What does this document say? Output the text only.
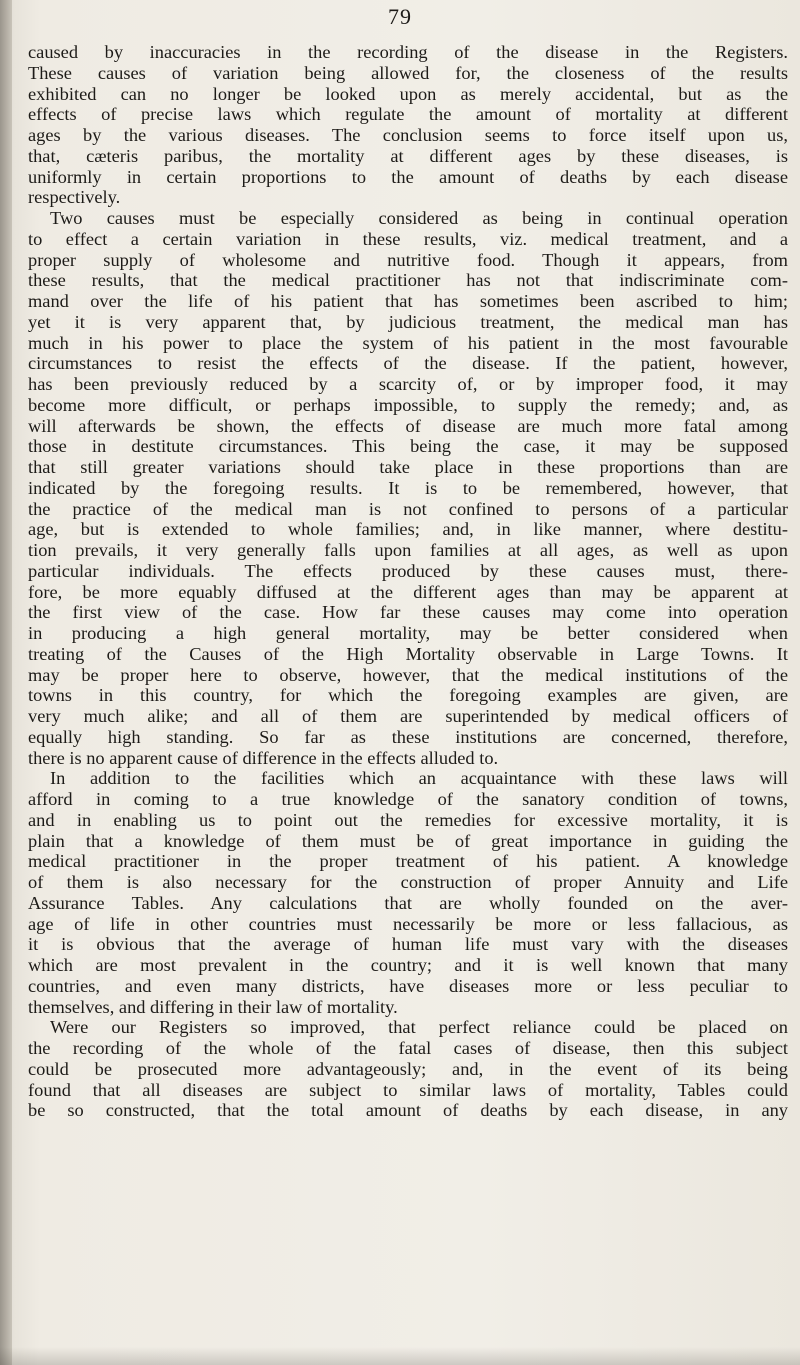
79
caused by inaccuracies in the recording of the disease in the Registers.
These causes of variation being allowed for, the closeness of the results
exhibited can no longer be looked upon as merely accidental, but as the
effects of precise laws which regulate the amount of mortality at different
ages by the various diseases. The conclusion seems to force itself upon us,
that, cæteris paribus, the mortality at different ages by these diseases, is
uniformly in certain proportions to the amount of deaths by each disease
respectively.
Two causes must be especially considered as being in continual operation
to effect a certain variation in these results, viz. medical treatment, and a
proper supply of wholesome and nutritive food. Though it appears, from
these results, that the medical practitioner has not that indiscriminate com-
mand over the life of his patient that has sometimes been ascribed to him;
yet it is very apparent that, by judicious treatment, the medical man has
much in his power to place the system of his patient in the most favourable
circumstances to resist the effects of the disease. If the patient, however,
has been previously reduced by a scarcity of, or by improper food, it may
become more difficult, or perhaps impossible, to supply the remedy; and, as
will afterwards be shown, the effects of disease are much more fatal among
those in destitute circumstances. This being the case, it may be supposed
that still greater variations should take place in these proportions than are
indicated by the foregoing results. It is to be remembered, however, that
the practice of the medical man is not confined to persons of a particular
age, but is extended to whole families; and, in like manner, where destitu-
tion prevails, it very generally falls upon families at all ages, as well as upon
particular individuals. The effects produced by these causes must, there-
fore, be more equably diffused at the different ages than may be apparent at
the first view of the case. How far these causes may come into operation
in producing a high general mortality, may be better considered when
treating of the Causes of the High Mortality observable in Large Towns. It
may be proper here to observe, however, that the medical institutions of the
towns in this country, for which the foregoing examples are given, are
very much alike; and all of them are superintended by medical officers of
equally high standing. So far as these institutions are concerned, therefore,
there is no apparent cause of difference in the effects alluded to.
In addition to the facilities which an acquaintance with these laws will
afford in coming to a true knowledge of the sanatory condition of towns,
and in enabling us to point out the remedies for excessive mortality, it is
plain that a knowledge of them must be of great importance in guiding the
medical practitioner in the proper treatment of his patient. A knowledge
of them is also necessary for the construction of proper Annuity and Life
Assurance Tables. Any calculations that are wholly founded on the aver-
age of life in other countries must necessarily be more or less fallacious, as
it is obvious that the average of human life must vary with the diseases
which are most prevalent in the country; and it is well known that many
countries, and even many districts, have diseases more or less peculiar to
themselves, and differing in their law of mortality.
Were our Registers so improved, that perfect reliance could be placed on
the recording of the whole of the fatal cases of disease, then this subject
could be prosecuted more advantageously; and, in the event of its being
found that all diseases are subject to similar laws of mortality, Tables could
be so constructed, that the total amount of deaths by each disease, in any
